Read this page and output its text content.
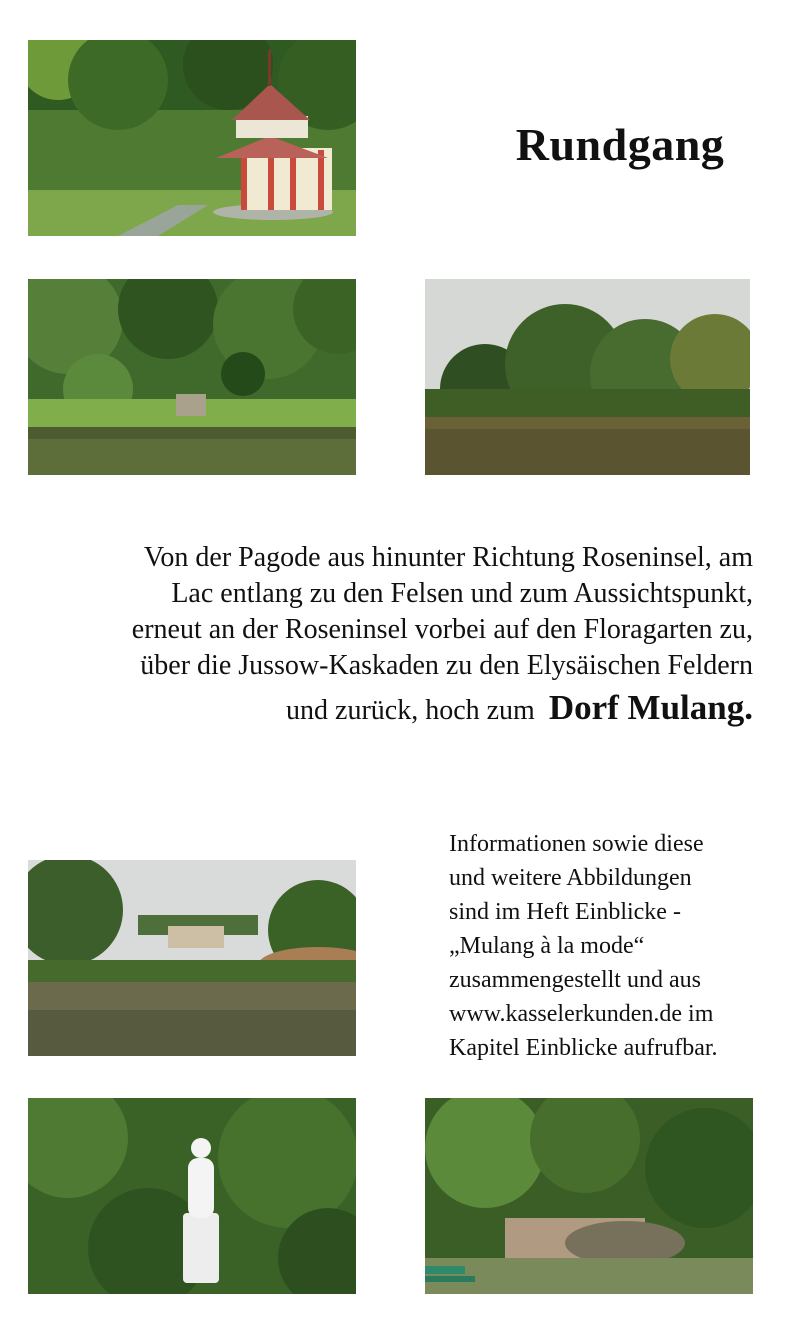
Rundgang
Von der Pagode aus hinunter Richtung Roseninsel, am
Lac entlang zu den Felsen und zum Aussichtspunkt,
erneut an der Roseninsel vorbei auf den Floragarten zu,
über die Jussow-Kaskaden zu den Elysäischen Feldern
und zurück, hoch zum Dorf Mulang.
Informationen sowie diese
und weitere Abbildungen
sind im Heft Einblicke -
„Mulang à la mode“
zusammengestellt und aus
www.kasselerkunden.de im
Kapitel Einblicke aufrufbar.
